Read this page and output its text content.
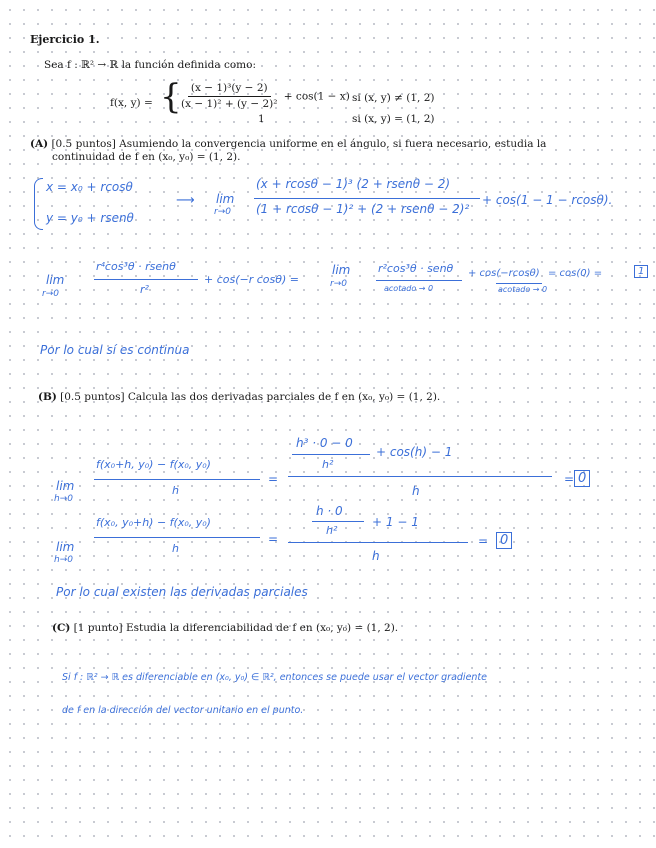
Ejercicio 1.
Sea f : ℝ² → ℝ la función definida como:
f(x, y) = {
$\frac{\text{(x − 1)³(y − 2)}}{\text{(x − 1)² + (y − 2)²}} + \cos(1 - x)$ si (x, y) ≠ (1, 2)
1	si (x, y) = (1, 2)
(A) [0.5 puntos] Asumiendo la convergencia uniforme en el ángulo, si fuera necesario, estudia la
continuidad de f en (x₀, y₀) = (1, 2).
x = x₀ + rcosθ
y = y₀ + rsenθ
⟶ lim
r→0
(x + rcosθ − 1)³ (2 + rsenθ − 2)
(1 + rcosθ − 1)² + (2 + rsenθ − 2)²
+ cos(1 − 1 − rcosθ).
lim
r→0
r⁴cos³θ · rsenθ
r²
+ cos(−r cosθ) =
lim
r→0
r²cos³θ · senθ
acotado → 0
+ cos(−rcosθ)
acotado → 0
= cos(0) =	1
Por lo cual sí es continua
(B) [0.5 puntos] Calcula las dos derivadas parciales de f en (x₀, y₀) = (1, 2).
lim
h→0
f(x₀+h, y₀) − f(x₀, y₀)
h
=
h³ · 0 − 0
h²
+ cos(h) − 1
h
= 0
lim
h→0
f(x₀, y₀+h) − f(x₀, y₀)
h
=
h · 0
h²
+ 1 − 1
h
= 0
Por lo cual existen las derivadas parciales
(C) [1 punto] Estudia la diferenciabilidad de f en (x₀, y₀) = (1, 2).
Si f : ℝ² → ℝ es diferenciable en (x₀, y₀) ∈ ℝ², entonces se puede usar el vector gradiente
de f en la dirección del vector unitario en el punto.
